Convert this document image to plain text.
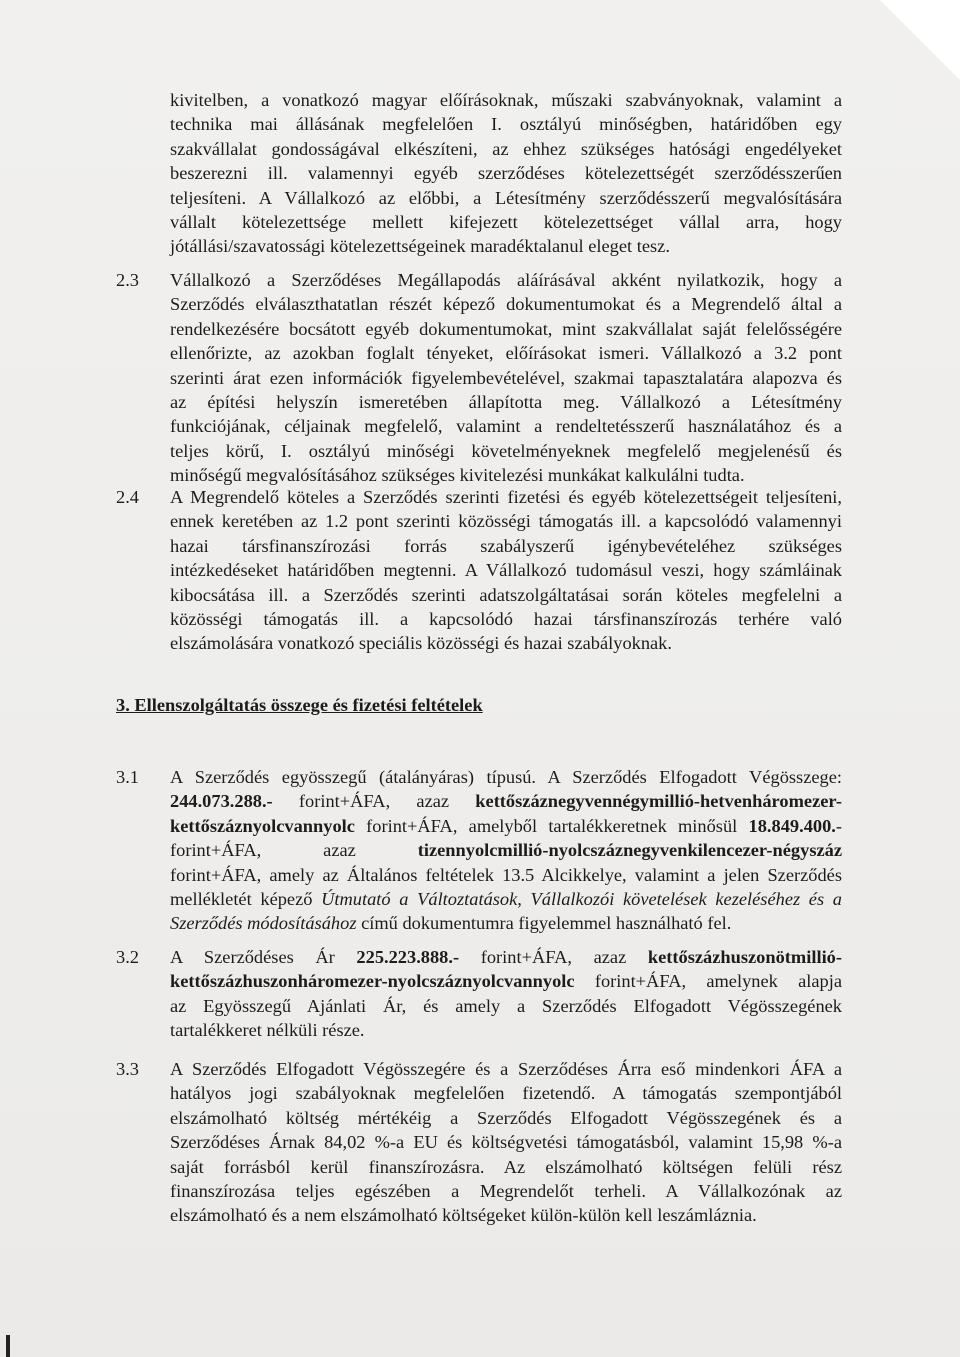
kivitelben, a vonatkozó magyar előírásoknak, műszaki szabványoknak, valamint a
technika mai állásának megfelelően I. osztályú minőségben, határidőben egy
szakvállalat gondosságával elkészíteni, az ehhez szükséges hatósági engedélyeket
beszerezni ill. valamennyi egyéb szerződéses kötelezettségét szerződésszerűen
teljesíteni. A Vállalkozó az előbbi, a Létesítmény szerződésszerű megvalósítására
vállalt kötelezettsége mellett kifejezett kötelezettséget vállal arra, hogy
jótállási/szavatossági kötelezettségeinek maradéktalanul eleget tesz.
2.3 Vállalkozó a Szerződéses Megállapodás aláírásával akként nyilatkozik, hogy a
Szerződés elválaszthatatlan részét képező dokumentumokat és a Megrendelő által a
rendelkezésére bocsátott egyéb dokumentumokat, mint szakvállalat saját felelősségére
ellenőrizte, az azokban foglalt tényeket, előírásokat ismeri. Vállalkozó a 3.2 pont
szerinti árat ezen információk figyelembevételével, szakmai tapasztalatára alapozva és
az építési helyszín ismeretében állapította meg. Vállalkozó a Létesítmény
funkciójának, céljainak megfelelő, valamint a rendeltetésszerű használatához és a
teljes körű, I. osztályú minőségi követelményeknek megfelelő megjelenésű és
minőségű megvalósításához szükséges kivitelezési munkákat kalkulálni tudta.
2.4 A Megrendelő köteles a Szerződés szerinti fizetési és egyéb kötelezettségeit teljesíteni,
ennek keretében az 1.2 pont szerinti közösségi támogatás ill. a kapcsolódó valamennyi
hazai társfinanszírozási forrás szabályszerű igénybevételéhez szükséges
intézkedéseket határidőben megtenni. A Vállalkozó tudomásul veszi, hogy számláinak
kibocsátása ill. a Szerződés szerinti adatszolgáltatásai során köteles megfelelni a
közösségi támogatás ill. a kapcsolódó hazai társfinanszírozás terhére való
elszámolására vonatkozó speciális közösségi és hazai szabályoknak.
3. Ellenszolgáltatás összege és fizetési feltételek
3.1 A Szerződés egyösszegű (átalányáras) típusú. A Szerződés Elfogadott Végösszege:
244.073.288.- forint+ÁFA, azaz kettőszáznegyvennégymillió-hetvenháromezer-
kettőszáznyolcvannyolc forint+ÁFA, amelyből tartalékkeretnek minősül 18.849.400.-
forint+ÁFA, azaz tizennyolcmillió-nyolcszáznegyvenkilencezer-négyszáz
forint+ÁFA, amely az Általános feltételek 13.5 Alcikkelye, valamint a jelen Szerződés
mellékletét képező Útmutató a Változtatások, Vállalkozói követelések kezeléséhez és a
Szerződés módosításához című dokumentumra figyelemmel használható fel.
3.2 A Szerződéses Ár 225.223.888.- forint+ÁFA, azaz kettőszázhuszonötmillió-
kettőszázhuszonháromezer-nyolcszáznyolcvannyolc forint+ÁFA, amelynek alapja
az Egyösszegű Ajánlati Ár, és amely a Szerződés Elfogadott Végösszegének
tartalékkeret nélküli része.
3.3 A Szerződés Elfogadott Végösszegére és a Szerződéses Árra eső mindenkori ÁFA a
hatályos jogi szabályoknak megfelelően fizetendő. A támogatás szempontjából
elszámolható költség mértékéig a Szerződés Elfogadott Végösszegének és a
Szerződéses Árnak 84,02 %-a EU és költségvetési támogatásból, valamint 15,98 %-a
saját forrásból kerül finanszírozásra. Az elszámolható költségen felüli rész
finanszírozása teljes egészében a Megrendelőt terheli. A Vállalkozónak az
elszámolható és a nem elszámolható költségeket külön-külön kell leszámláznia.
